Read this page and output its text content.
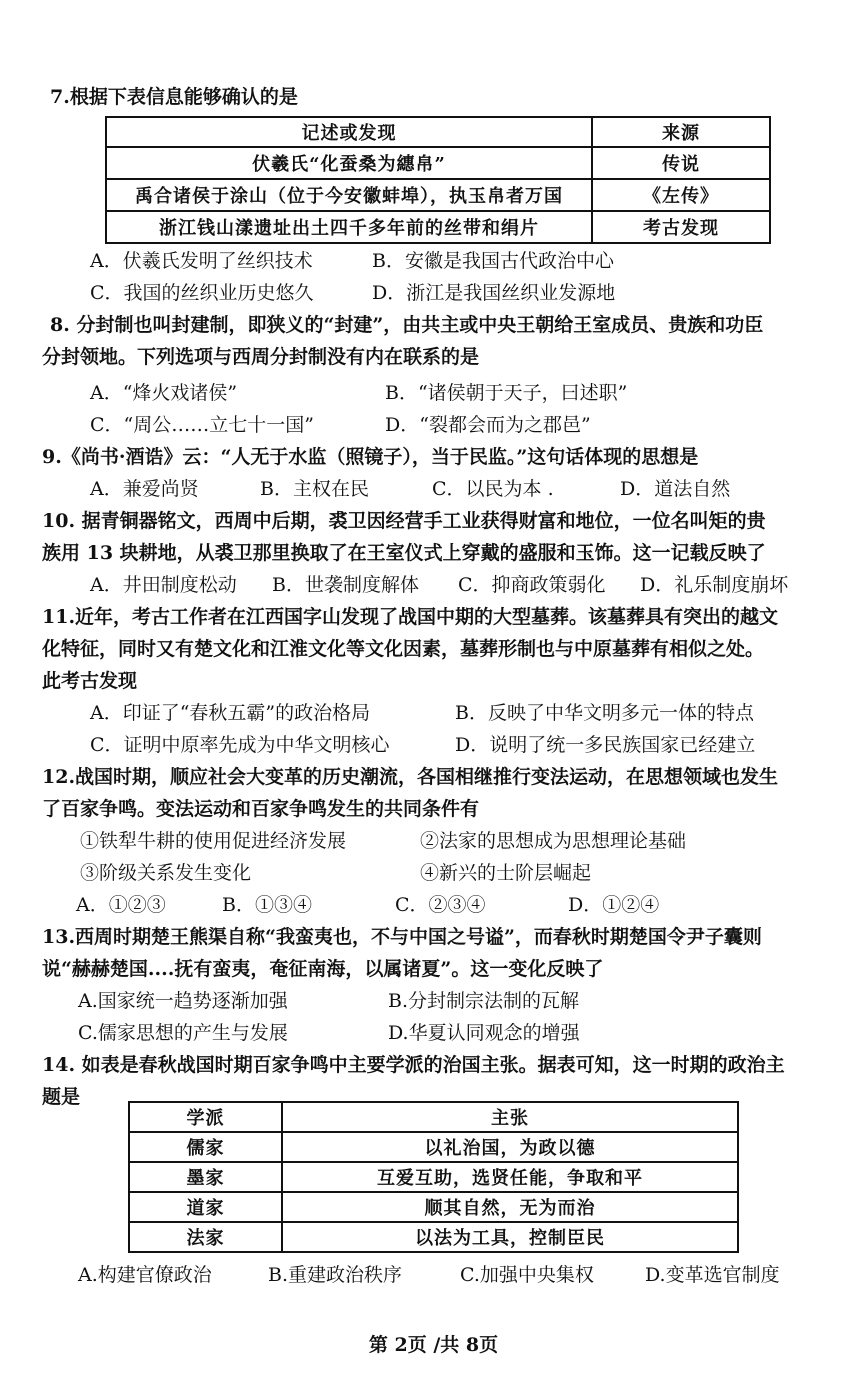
7.根据下表信息能够确认的是
记述或发现	来源
伏羲氏“化蚕桑为繐帛”	传说
禹合诸侯于涂山（位于今安徽蚌埠），执玉帛者万国	《左传》
浙江钱山漾遗址出土四千多年前的丝带和绢片	考古发现
A．伏羲氏发明了丝织技术	B．安徽是我国古代政治中心
C．我国的丝织业历史悠久	D．浙江是我国丝织业发源地
8. 分封制也叫封建制，即狭义的“封建”，由共主或中央王朝给王室成员、贵族和功臣
分封领地。下列选项与西周分封制没有内在联系的是
A．“烽火戏诸侯”	B．“诸侯朝于天子，曰述职”
C．“周公……立七十一国”	D．“裂都会而为之郡邑”
9.《尚书·酒诰》云：“人无于水监（照镜子），当于民监。”这句话体现的思想是
A．兼爱尚贤	B．主权在民	C．以民为本 .	D．道法自然
10. 据青铜器铭文，西周中后期，裘卫因经营手工业获得财富和地位，一位名叫矩的贵
族用 13 块耕地，从裘卫那里换取了在王室仪式上穿戴的盛服和玉饰。这一记载反映了
A．井田制度松动 B．世袭制度解体 C．抑商政策弱化 D．礼乐制度崩坏
11.近年，考古工作者在江西国字山发现了战国中期的大型墓葬。该墓葬具有突出的越文
化特征，同时又有楚文化和江淮文化等文化因素，墓葬形制也与中原墓葬有相似之处。
此考古发现
A．印证了“春秋五霸”的政治格局	B．反映了中华文明多元一体的特点
C．证明中原率先成为中华文明核心	D．说明了统一多民族国家已经建立
12.战国时期，顺应社会大变革的历史潮流，各国相继推行变法运动，在思想领域也发生
了百家争鸣。变法运动和百家争鸣发生的共同条件有
①铁犁牛耕的使用促进经济发展	②法家的思想成为思想理论基础
③阶级关系发生变化	④新兴的士阶层崛起
A．①②③	B．①③④	C．②③④	D．①②④
13.西周时期楚王熊渠自称“我蛮夷也，不与中国之号谥”，而春秋时期楚国令尹子囊则
说“赫赫楚国....抚有蛮夷，奄征南海，以属诸夏”。这一变化反映了
A.国家统一趋势逐渐加强	B.分封制宗法制的瓦解
C.儒家思想的产生与发展	D.华夏认同观念的增强
14. 如表是春秋战国时期百家争鸣中主要学派的治国主张。据表可知，这一时期的政治主
题是
学派	主张
儒家	以礼治国，为政以德
墨家	互爱互助，选贤任能，争取和平
道家	顺其自然，无为而治
法家	以法为工具，控制臣民
A.构建官僚政治	B.重建政治秩序	C.加强中央集权	D.变革选官制度
第 2页 /共 8页
